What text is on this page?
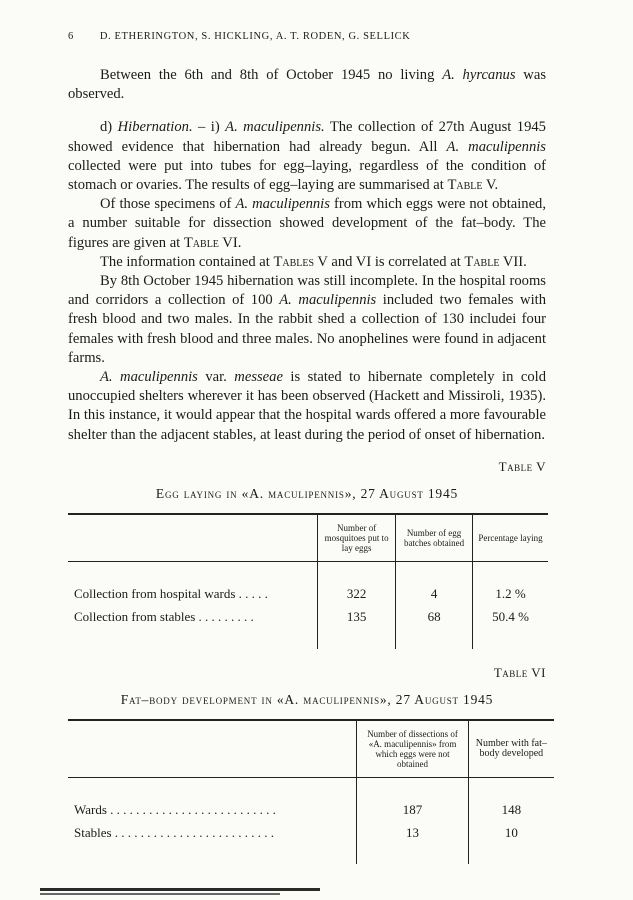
6 D. ETHERINGTON, S. HICKLING, A. T. RODEN, G. SELLICK

Between the 6th and 8th of October 1945 no living A. hyrcanus was observed.

d) Hibernation. – i) A. maculipennis. The collection of 27th August 1945 showed evidence that hibernation had already begun. All A. maculipennis collected were put into tubes for egg–laying, regardless of the condition of stomach or ovaries. The results of egg–laying are summarised at Table V.

Of those specimens of A. maculipennis from which eggs were not obtained, a number suitable for dissection showed development of the fat–body. The figures are given at Table VI.

The information contained at Tables V and VI is correlated at Table VII.

By 8th October 1945 hibernation was still incomplete. In the hospital rooms and corridors a collection of 100 A. maculipennis included two females with fresh blood and two males. In the rabbit shed a collection of 130 includei four females with fresh blood and three males. No anophelines were found in adjacent farms.

A. maculipennis var. messeae is stated to hibernate completely in cold unoccupied shelters wherever it has been observed (Hackett and Missiroli, 1935). In this instance, it would appear that the hospital wards offered a more favourable shelter than the adjacent stables, at least during the period of onset of hibernation.

Table V
Egg laying in «A. maculipennis», 27 August 1945
	Number of mosquitoes put to lay eggs	Number of egg batches obtained	Percentage laying

Collection from hospital wards . . . . .	322	4	1.2 %
Collection from stables . . . . . . . . .	135	68	50.4 %

Table VI
Fat–body development in «A. maculipennis», 27 August 1945
	Number of dissections of «A. maculipennis» from which eggs were not obtained	Number with fat–body developed

Wards . . . . . . . . . . . . . . . . . . . . . . . . . .	187	148
Stables . . . . . . . . . . . . . . . . . . . . . . . . .	13	10
